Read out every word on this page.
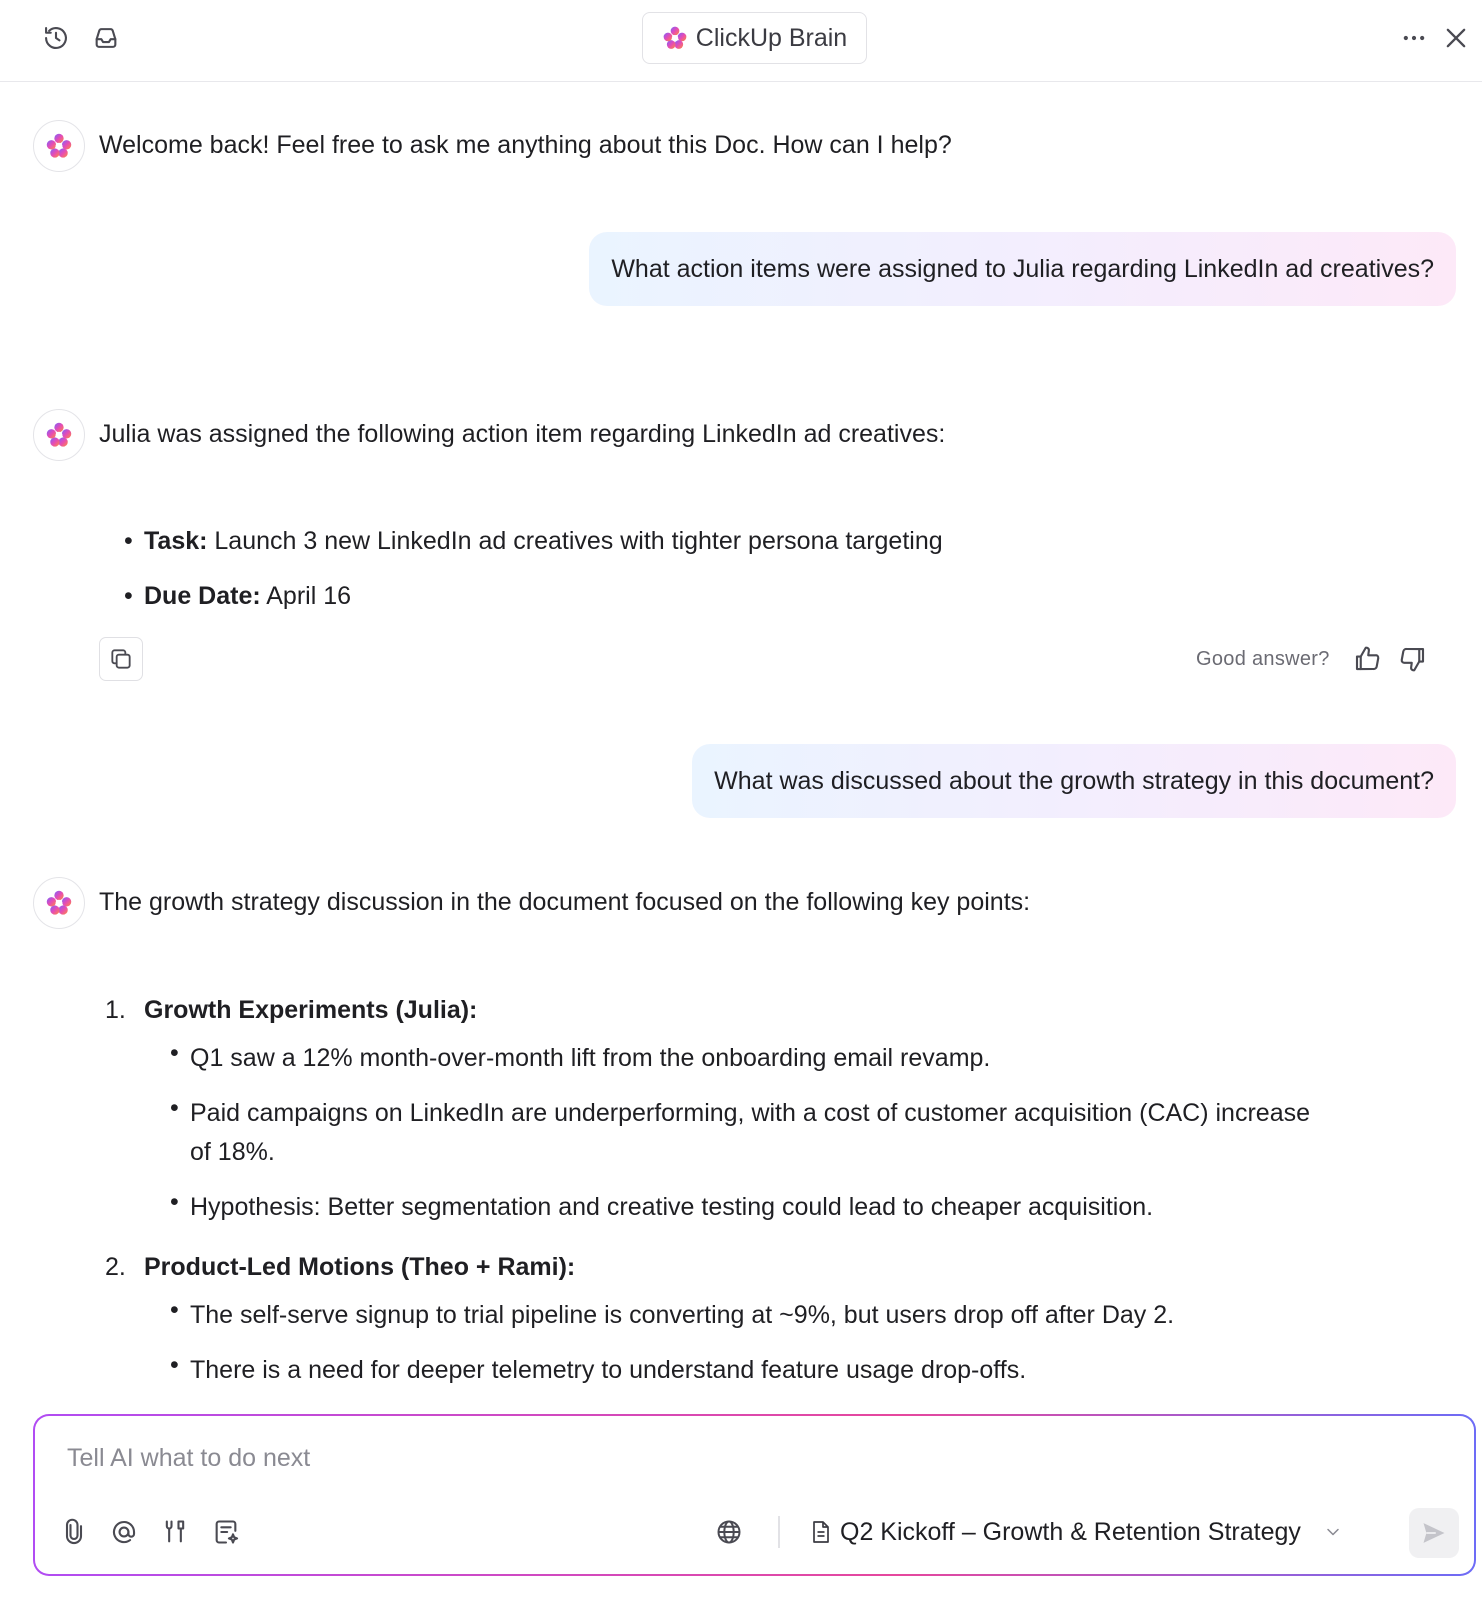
ClickUp Brain
Welcome back! Feel free to ask me anything about this Doc. How can I help?
What action items were assigned to Julia regarding LinkedIn ad creatives?
Julia was assigned the following action item regarding LinkedIn ad creatives:
• Task: Launch 3 new LinkedIn ad creatives with tighter persona targeting
• Due Date: April 16
Good answer?
What was discussed about the growth strategy in this document?
The growth strategy discussion in the document focused on the following key points:
1. Growth Experiments (Julia):
• Q1 saw a 12% month-over-month lift from the onboarding email revamp.
• Paid campaigns on LinkedIn are underperforming, with a cost of customer acquisition (CAC) increase
of 18%.
• Hypothesis: Better segmentation and creative testing could lead to cheaper acquisition.
2. Product-Led Motions (Theo + Rami):
• The self-serve signup to trial pipeline is converting at ~9%, but users drop off after Day 2.
• There is a need for deeper telemetry to understand feature usage drop-offs.
Tell AI what to do next
Q2 Kickoff – Growth & Retention Strategy
